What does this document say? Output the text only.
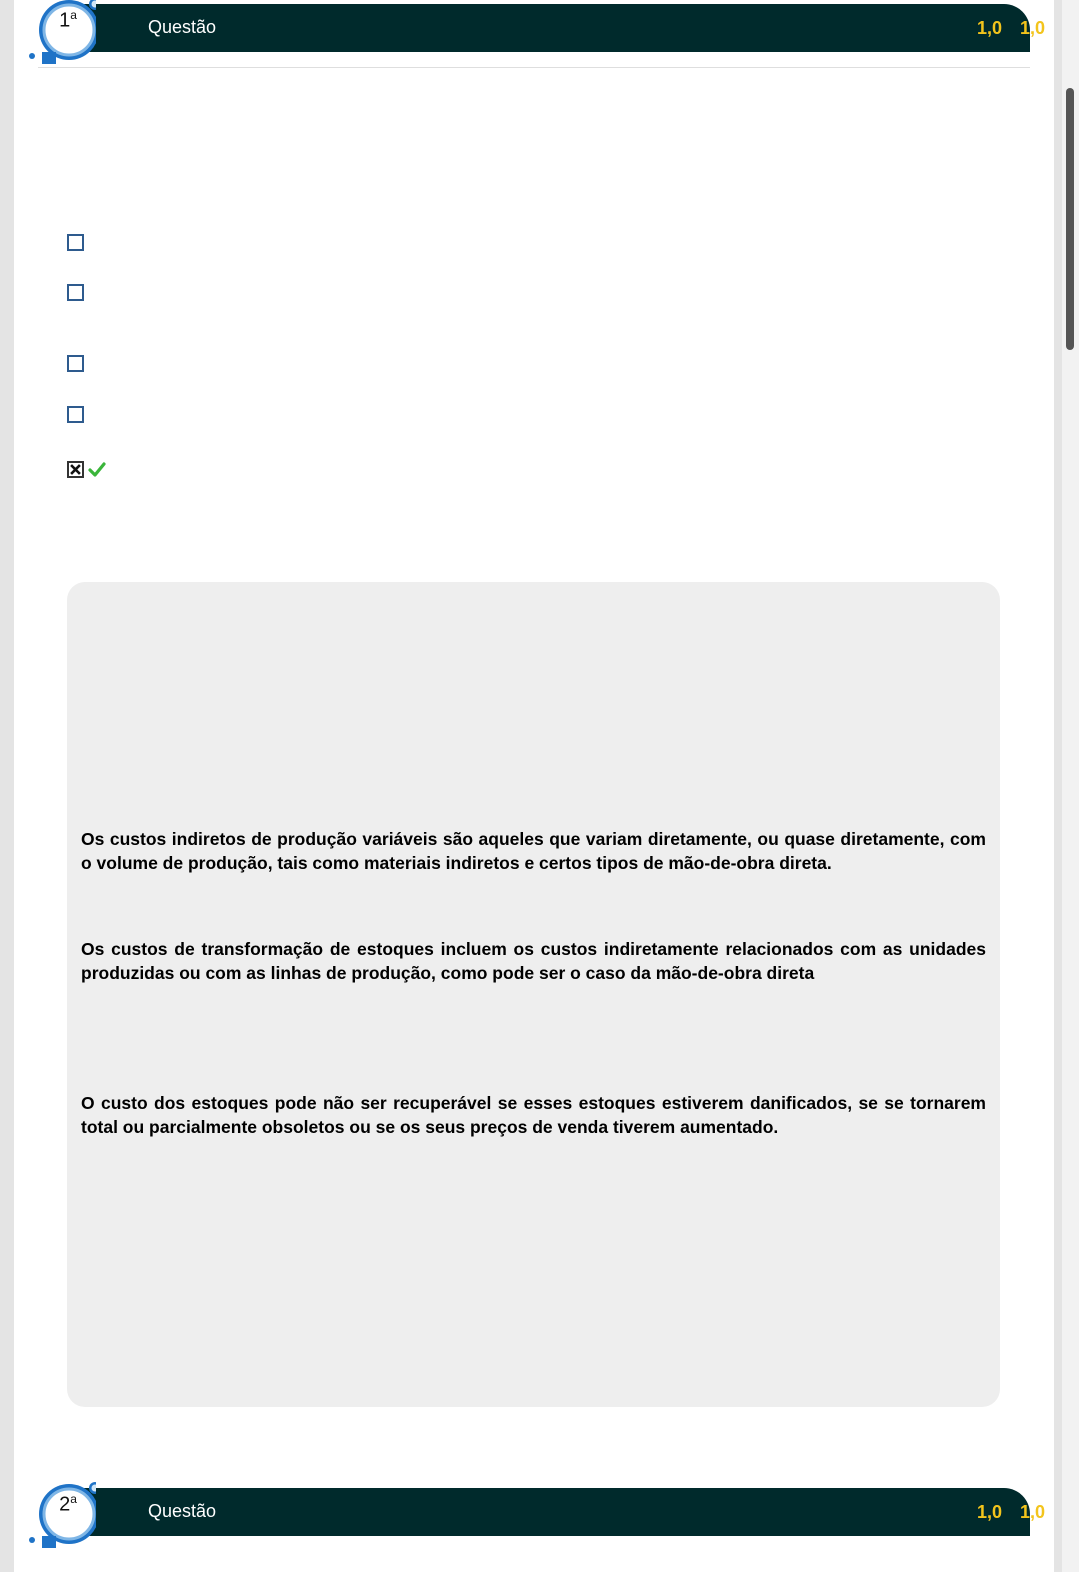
Questão	1,0 1,0
1$^a$
Os custos indiretos de produção variáveis são aqueles que variam diretamente, ou quase diretamente, com o volume de produção, tais como materiais indiretos e certos tipos de mão-de-obra direta.
Os custos de transformação de estoques incluem os custos indiretamente relacionados com as unidades produzidas ou com as linhas de produção, como pode ser o caso da mão-de-obra direta
O custo dos estoques pode não ser recuperável se esses estoques estiverem danificados, se se tornarem total ou parcialmente obsoletos ou se os seus preços de venda tiverem aumentado.
Questão	1,0 1,0
2$^a$
